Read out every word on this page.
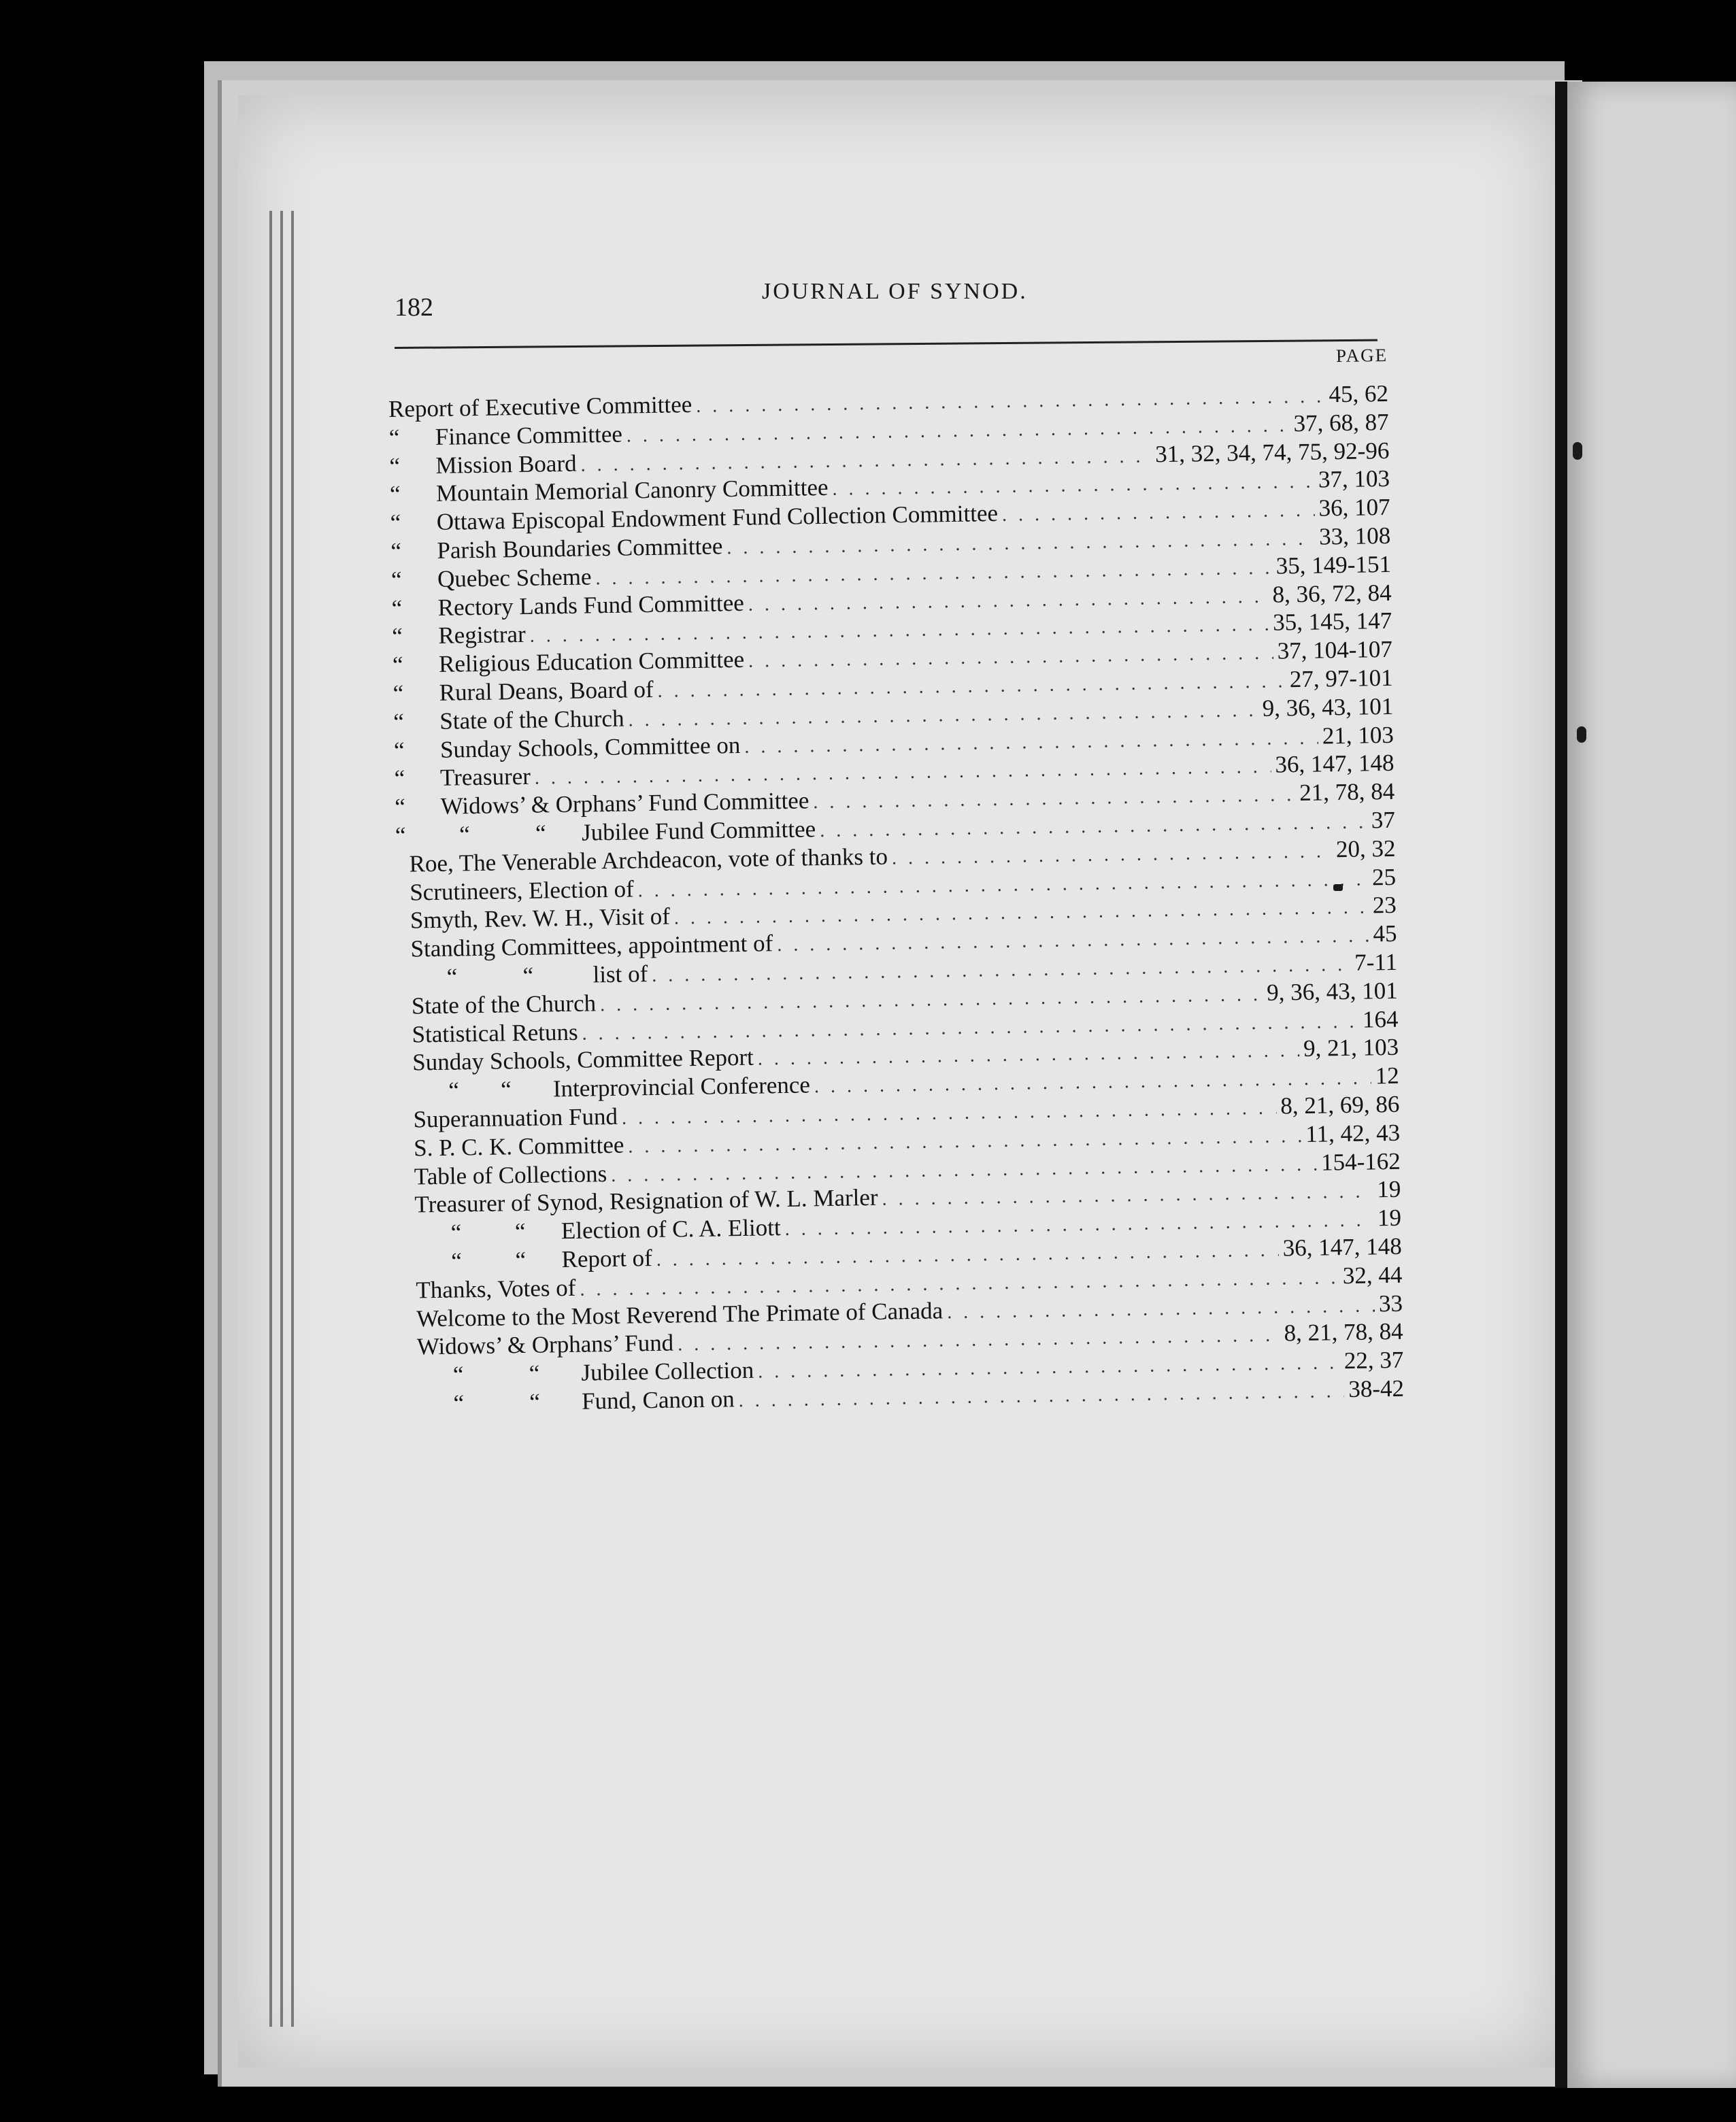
182
JOURNAL OF SYNOD.
PAGE
Report of Executive Committee . . .	45, 62
“      Finance Committee . . .	37, 68, 87
“      Mission Board . . .	31, 32, 34, 74, 75, 92-96
“      Mountain Memorial Canonry Committee . . .	37, 103
“      Ottawa Episcopal Endowment Fund Collection Committee . . .	36, 107
“      Parish Boundaries Committee . . .	33, 108
“      Quebec Scheme . . .	35, 149-151
“      Rectory Lands Fund Committee . . .	8, 36, 72, 84
“      Registrar . . .	35, 145, 147
“      Religious Education Committee . . .	37, 104-107
“      Rural Deans, Board of . . .	27, 97-101
“      State of the Church . . .	9, 36, 43, 101
“      Sunday Schools, Committee on . . .	21, 103
“      Treasurer . . .	36, 147, 148
“      Widows’ & Orphans’ Fund Committee . . .	21, 78, 84
“         “           “      Jubilee Fund Committee . . .	37
Roe, The Venerable Archdeacon, vote of thanks to . . .	20, 32
Scrutineers, Election of . . .	25
Smyth, Rev. W. H., Visit of . . .	23
Standing Committees, appointment of . . .	45
“           “          list of . . .	7-11
State of the Church . . .	9, 36, 43, 101
Statistical Retuns . . .	164
Sunday Schools, Committee Report . . .	9, 21, 103
“       “       Interprovincial Conference . . .	12
Superannuation Fund . . .	8, 21, 69, 86
S. P. C. K. Committee . . .	11, 42, 43
Table of Collections . . .	154-162
Treasurer of Synod, Resignation of W. L. Marler . . .	19
“         “      Election of C. A. Eliott . . .	19
“         “      Report of . . .	36, 147, 148
Thanks, Votes of . . .	32, 44
Welcome to the Most Reverend The Primate of Canada . . .	33
Widows’ & Orphans’ Fund . . .	8, 21, 78, 84
“           “       Jubilee Collection . . .	22, 37
“           “       Fund, Canon on . . .	38-42
